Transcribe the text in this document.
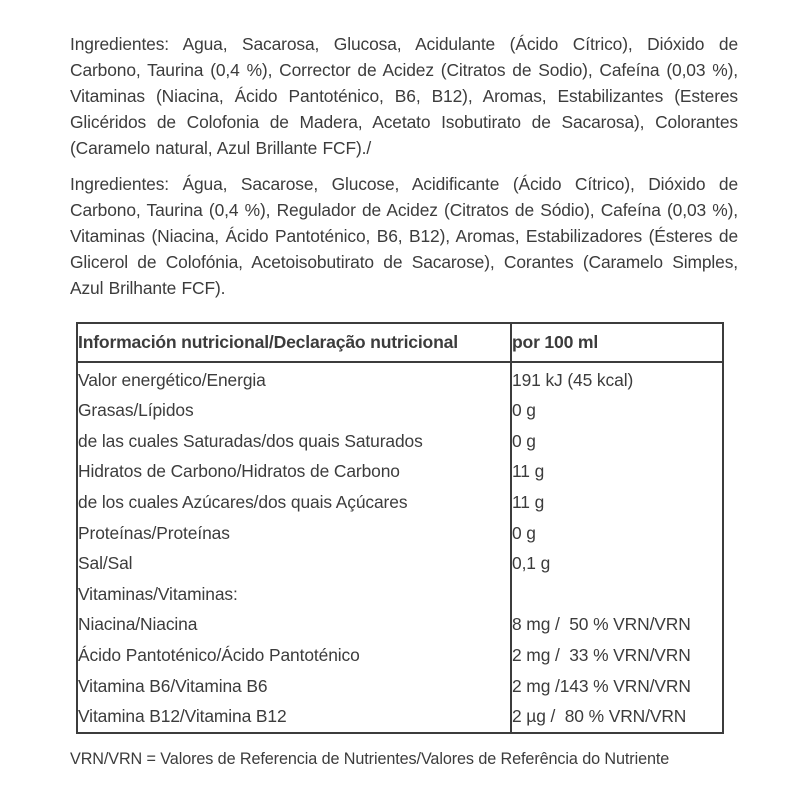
Ingredientes: Agua, Sacarosa, Glucosa, Acidulante (Ácido Cítrico), Dióxido de Carbono, Taurina (0,4 %), Corrector de Acidez (Citratos de Sodio), Cafeína (0,03 %), Vitaminas (Niacina, Ácido Pantoténico, B6, B12), Aromas, Estabilizantes (Esteres Glicéridos de Colofonia de Madera, Acetato Isobutirato de Sacarosa), Colorantes (Caramelo natural, Azul Brillante FCF)./

Ingredientes: Água, Sacarose, Glucose, Acidificante (Ácido Cítrico), Dióxido de Carbono, Taurina (0,4 %), Regulador de Acidez (Citratos de Sódio), Cafeína (0,03 %), Vitaminas (Niacina, Ácido Pantoténico, B6, B12), Aromas, Estabilizadores (Ésteres de Glicerol de Colofónia, Acetoisobutirato de Sacarose), Corantes (Caramelo Simples, Azul Brilhante FCF).

Información nutricional/Declaração nutricional	por 100 ml
Valor energético/Energia	191 kJ (45 kcal)
Grasas/Lípidos	0 g
de las cuales Saturadas/dos quais Saturados	0 g
Hidratos de Carbono/Hidratos de Carbono	11 g
de los cuales Azúcares/dos quais Açúcares	11 g
Proteínas/Proteínas	0 g
Sal/Sal	0,1 g
Vitaminas/Vitaminas:	
Niacina/Niacina	8 mg /  50 % VRN/VRN
Ácido Pantoténico/Ácido Pantoténico	2 mg /  33 % VRN/VRN
Vitamina B6/Vitamina B6	2 mg /143 % VRN/VRN
Vitamina B12/Vitamina B12	2 µg /  80 % VRN/VRN

VRN/VRN = Valores de Referencia de Nutrientes/Valores de Referência do Nutriente
